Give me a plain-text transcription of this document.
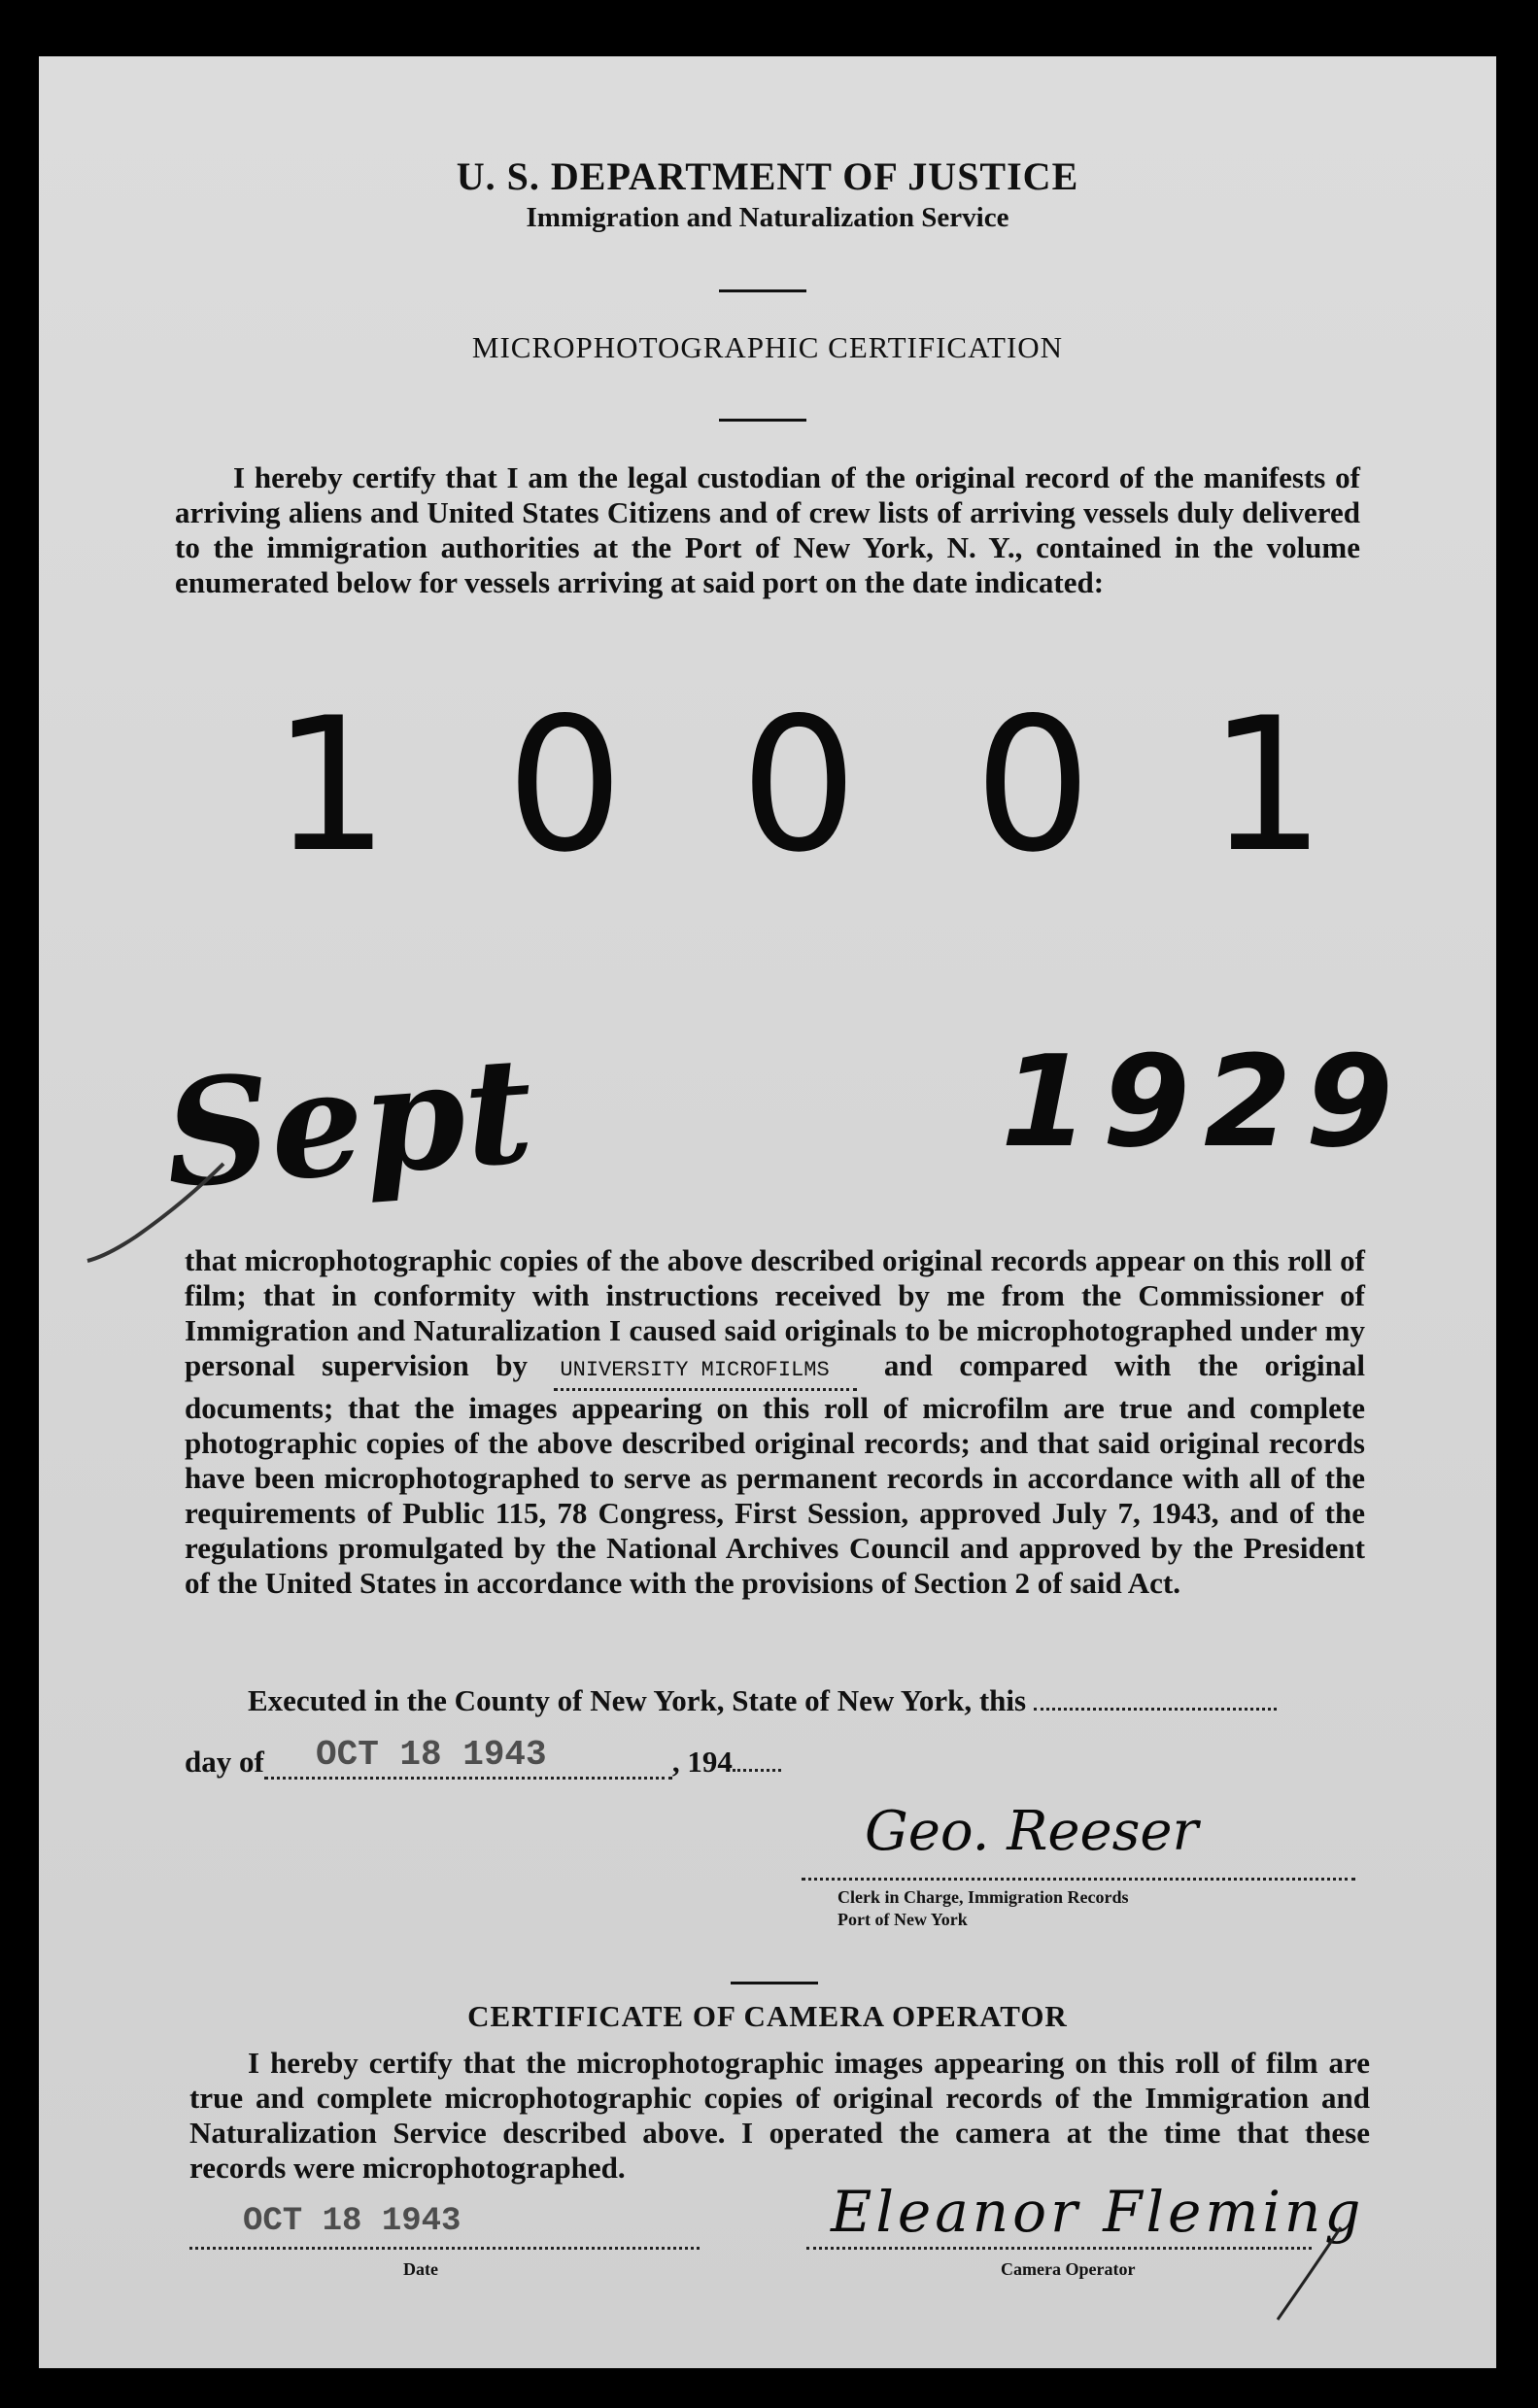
U. S. DEPARTMENT OF JUSTICE
Immigration and Naturalization Service
MICROPHOTOGRAPHIC CERTIFICATION
I hereby certify that I am the legal custodian of the original record of the manifests of arriving aliens and United States Citizens and of crew lists of arriving vessels duly delivered to the immigration authorities at the Port of New York, N. Y., contained in the volume enumerated below for vessels arriving at said port on the date indicated:
10001
Sept	1929
that microphotographic copies of the above described original records appear on this roll of film; that in conformity with instructions received by me from the Commissioner of Immigration and Naturalization I caused said originals to be microphotographed under my personal supervision by UNIVERSITY MICROFILMS and compared with the original documents; that the images appearing on this roll of microfilm are true and complete photographic copies of the above described original records; and that said original records have been microphotographed to serve as permanent records in accordance with all of the requirements of Public 115, 78 Congress, First Session, approved July 7, 1943, and of the regulations promulgated by the National Archives Council and approved by the President of the United States in accordance with the provisions of Section 2 of said Act.
Executed in the County of New York, State of New York, this
day of	, 194
OCT 18 1943
Geo. Reeser
Clerk in Charge, Immigration Records
Port of New York
CERTIFICATE OF CAMERA OPERATOR
I hereby certify that the microphotographic images appearing on this roll of film are true and complete microphotographic copies of original records of the Immigration and Naturalization Service described above. I operated the camera at the time that these records were microphotographed.
OCT 18 1943
Date
Eleanor Fleming
Camera Operator
